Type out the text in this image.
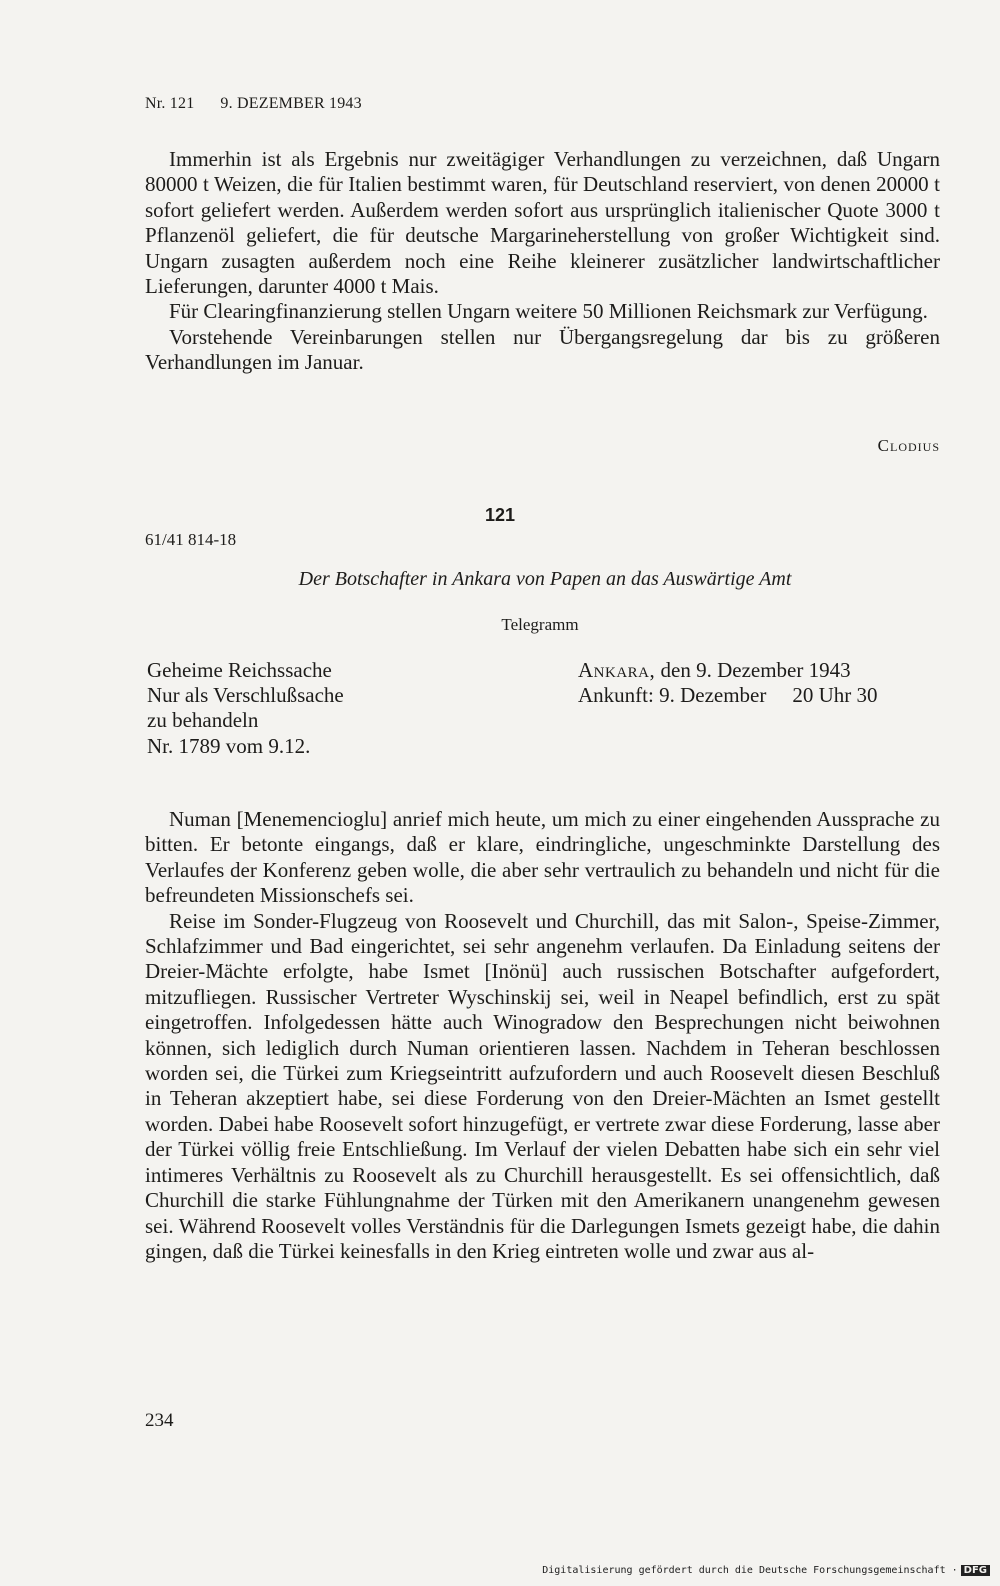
Nr. 121 9. DEZEMBER 1943

Immerhin ist als Ergebnis nur zweitägiger Verhandlungen zu verzeichnen, daß Ungarn 80000 t Weizen, die für Italien bestimmt waren, für Deutschland reserviert, von denen 20000 t sofort geliefert werden. Außerdem werden sofort aus ursprünglich italienischer Quote 3000 t Pflanzenöl geliefert, die für deutsche Margarineherstellung von großer Wichtigkeit sind. Ungarn zusagten außerdem noch eine Reihe kleinerer zusätzlicher landwirtschaftlicher Lieferungen, darunter 4000 t Mais.

Für Clearingfinanzierung stellen Ungarn weitere 50 Millionen Reichsmark zur Verfügung.

Vorstehende Vereinbarungen stellen nur Übergangsregelung dar bis zu größeren Verhandlungen im Januar.

Clodius
121
61/41 814-18
Der Botschafter in Ankara von Papen an das Auswärtige Amt
Telegramm
Geheime Reichssache
Nur als Verschlußsache
zu behandeln
Nr. 1789 vom 9.12.
Ankara, den 9. Dezember 1943
Ankunft: 9. Dezember 20 Uhr 30

Numan [Menemencioglu] anrief mich heute, um mich zu einer eingehenden Aussprache zu bitten. Er betonte eingangs, daß er klare, eindringliche, ungeschminkte Darstellung des Verlaufes der Konferenz geben wolle, die aber sehr vertraulich zu behandeln und nicht für die befreundeten Missionschefs sei.

Reise im Sonder-Flugzeug von Roosevelt und Churchill, das mit Salon-, Speise-Zimmer, Schlafzimmer und Bad eingerichtet, sei sehr angenehm verlaufen. Da Einladung seitens der Dreier-Mächte erfolgte, habe Ismet [Inönü] auch russischen Botschafter aufgefordert, mitzufliegen. Russischer Vertreter Wyschinskij sei, weil in Neapel befindlich, erst zu spät eingetroffen. Infolgedessen hätte auch Winogradow den Besprechungen nicht beiwohnen können, sich lediglich durch Numan orientieren lassen. Nachdem in Teheran beschlossen worden sei, die Türkei zum Kriegseintritt aufzufordern und auch Roosevelt diesen Beschluß in Teheran akzeptiert habe, sei diese Forderung von den Dreier-Mächten an Ismet gestellt worden. Dabei habe Roosevelt sofort hinzugefügt, er vertrete zwar diese Forderung, lasse aber der Türkei völlig freie Entschließung. Im Verlauf der vielen Debatten habe sich ein sehr viel intimeres Verhältnis zu Roosevelt als zu Churchill herausgestellt. Es sei offensichtlich, daß Churchill die starke Fühlungnahme der Türken mit den Amerikanern unangenehm gewesen sei. Während Roosevelt volles Verständnis für die Darlegungen Ismets gezeigt habe, die dahin gingen, daß die Türkei keinesfalls in den Krieg eintreten wolle und zwar aus al-

234
Digitalisierung gefördert durch die Deutsche Forschungsgemeinschaft · DFG
